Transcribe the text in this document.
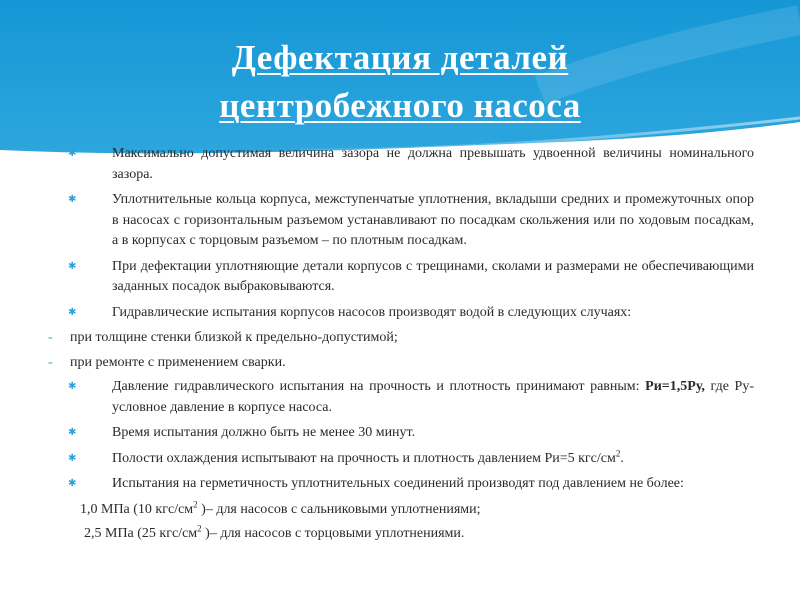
Дефектация деталей
центробежного насоса
✱	Максимально допустимая величина зазора не должна превышать удвоенной величины номинального зазора.
✱	Уплотнительные кольца корпуса, межступенчатые уплотнения, вкладыши средних и промежуточных опор в насосах с горизонтальным разъемом устанавливают по посадкам скольжения или по ходовым посадкам, а в корпусах с торцовым разъемом – по плотным посадкам.
✱	При дефектации уплотняющие детали корпусов с трещинами, сколами и размерами не обеспечивающими заданных посадок выбраковываются.
✱	Гидравлические испытания корпусов насосов производят водой в следующих случаях:
- при толщине стенки близкой к предельно-допустимой;
- при ремонте с применением сварки.
✱	Давление гидравлического испытания на прочность и плотность принимают равным: Ри=1,5Ру, где Ру- условное давление в корпусе насоса.
✱	Время испытания должно быть не менее 30 минут.
✱	Полости охлаждения испытывают на прочность и плотность давлением Ри=5 кгс/$см^2$.
✱	Испытания на герметичность уплотнительных соединений производят под давлением не более:
1,0 МПа (10 кгс/$см^2$ )– для насосов с сальниковыми уплотнениями;
2,5 МПа (25 кгс/$см^2$ )– для насосов с торцовыми уплотнениями.
